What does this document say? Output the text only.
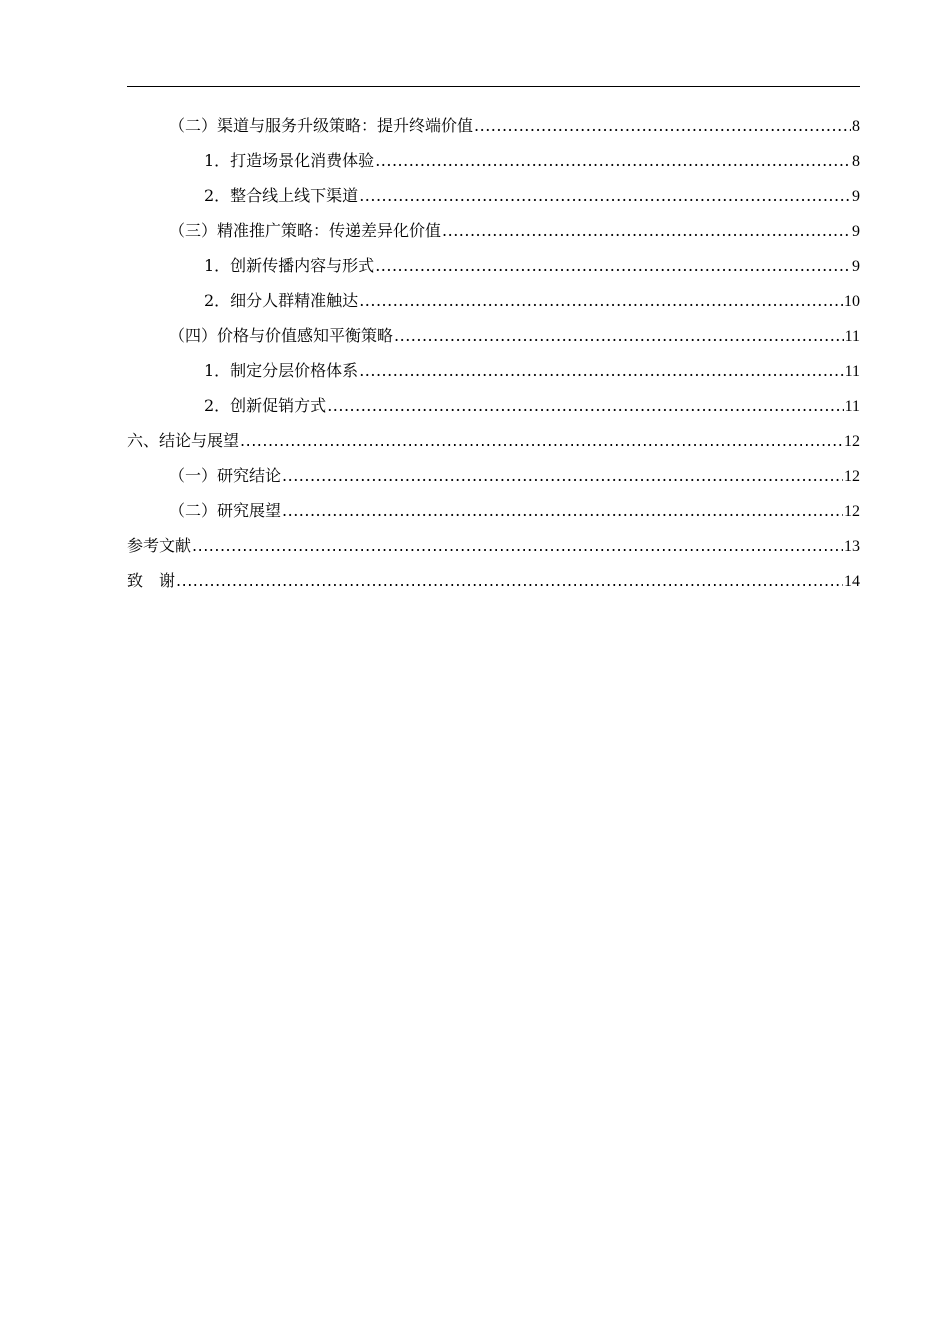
（二）渠道与服务升级策略：提升终端价值 .....	8
1．打造场景化消费体验 .....	8
2．整合线上线下渠道 .....	9
（三）精准推广策略：传递差异化价值 .....	9
1．创新传播内容与形式 .....	9
2．细分人群精准触达 .....	10
（四）价格与价值感知平衡策略 .....	11
1．制定分层价格体系 .....	11
2．创新促销方式 .....	11
六、结论与展望 .....	12
（一）研究结论 .....	12
（二）研究展望 .....	12
参考文献 .....	13
致　谢 .....	14
